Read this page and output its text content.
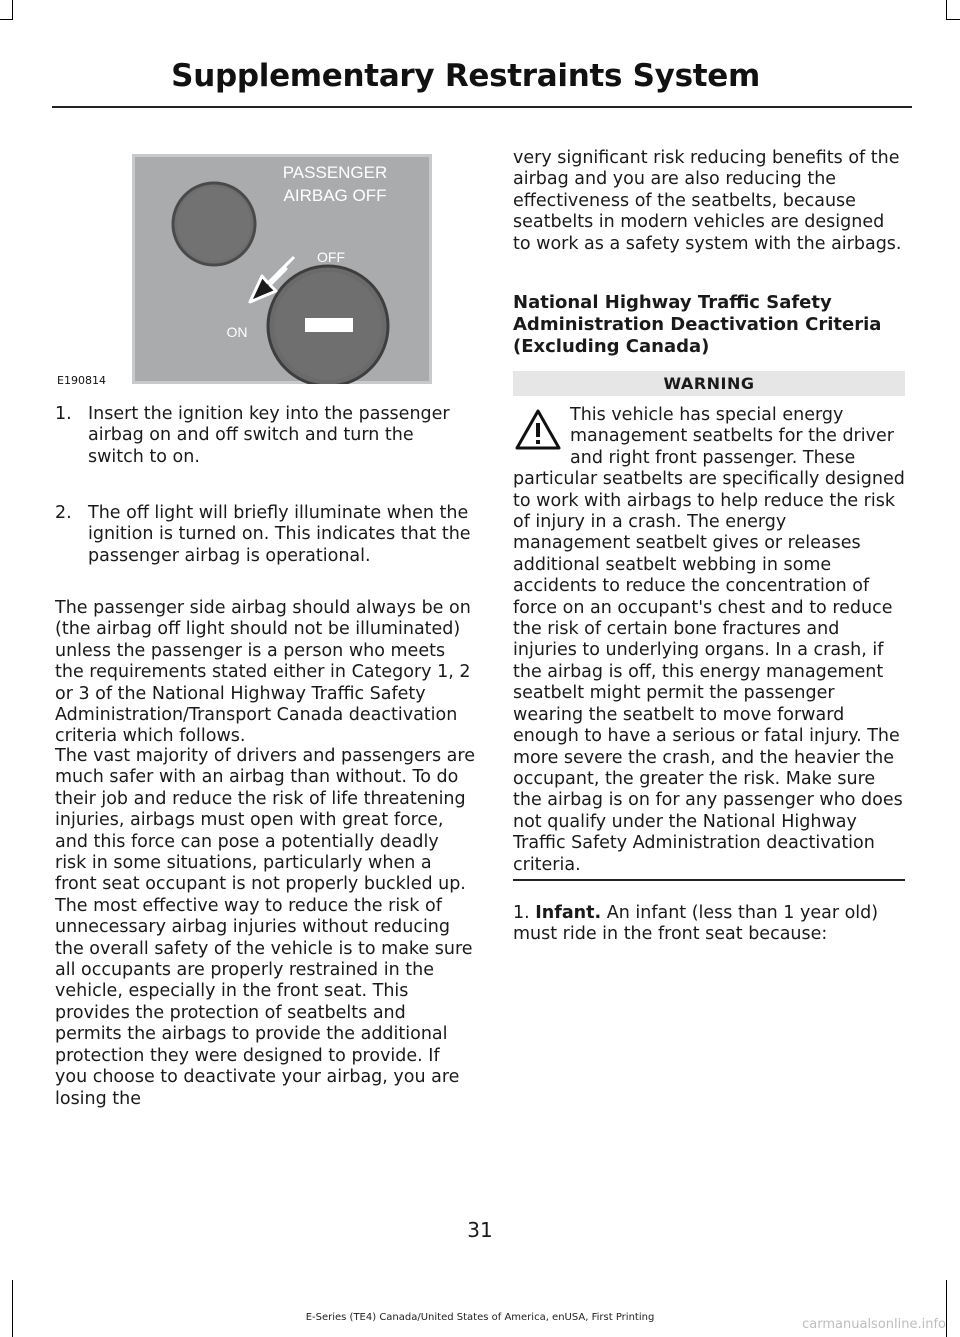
Supplementary Restraints System
PASSENGER
AIRBAG OFF
OFF
ON
E190814
1. Insert the ignition key into the passenger airbag on and off switch and turn the switch to on.
2. The off light will briefly illuminate when the ignition is turned on. This indicates that the passenger airbag is operational.

The passenger side airbag should always be on (the airbag off light should not be illuminated) unless the passenger is a person who meets the requirements stated either in Category 1, 2 or 3 of the National Highway Traffic Safety Administration/Transport Canada deactivation criteria which follows.

The vast majority of drivers and passengers are much safer with an airbag than without. To do their job and reduce the risk of life threatening injuries, airbags must open with great force, and this force can pose a potentially deadly risk in some situations, particularly when a front seat occupant is not properly buckled up. The most effective way to reduce the risk of unnecessary airbag injuries without reducing the overall safety of the vehicle is to make sure all occupants are properly restrained in the vehicle, especially in the front seat. This provides the protection of seatbelts and permits the airbags to provide the additional protection they were designed to provide. If you choose to deactivate your airbag, you are losing the

very significant risk reducing benefits of the airbag and you are also reducing the effectiveness of the seatbelts, because seatbelts in modern vehicles are designed to work as a safety system with the airbags.

National Highway Traffic Safety Administration Deactivation Criteria (Excluding Canada)
WARNING

This vehicle has special energy management seatbelts for the driver and right front passenger. These particular seatbelts are specifically designed to work with airbags to help reduce the risk of injury in a crash. The energy management seatbelt gives or releases additional seatbelt webbing in some accidents to reduce the concentration of force on an occupant's chest and to reduce the risk of certain bone fractures and injuries to underlying organs. In a crash, if the airbag is off, this energy management seatbelt might permit the passenger wearing the seatbelt to move forward enough to have a serious or fatal injury. The more severe the crash, and the heavier the occupant, the greater the risk. Make sure the airbag is on for any passenger who does not qualify under the National Highway Traffic Safety Administration deactivation criteria.

1. Infant. An infant (less than 1 year old) must ride in the front seat because:

31
E-Series (TE4) Canada/United States of America, enUSA, First Printing	carmanualsonline.info
